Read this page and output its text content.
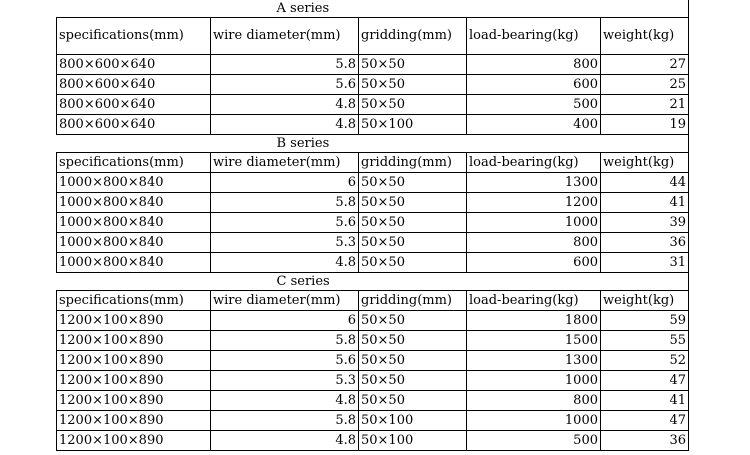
A series				
specifications(mm)	wire diameter(mm)	gridding(mm)	load-bearing(kg)	weight(kg)
800×600×640	5.8	50×50	800	27
800×600×640	5.6	50×50	600	25
800×600×640	4.8	50×50	500	21
800×600×640	4.8	50×100	400	19
B series				
specifications(mm)	wire diameter(mm)	gridding(mm)	load-bearing(kg)	weight(kg)
1000×800×840	6	50×50	1300	44
1000×800×840	5.8	50×50	1200	41
1000×800×840	5.6	50×50	1000	39
1000×800×840	5.3	50×50	800	36
1000×800×840	4.8	50×50	600	31
C series				
specifications(mm)	wire diameter(mm)	gridding(mm)	load-bearing(kg)	weight(kg)
1200×100×890	6	50×50	1800	59
1200×100×890	5.8	50×50	1500	55
1200×100×890	5.6	50×50	1300	52
1200×100×890	5.3	50×50	1000	47
1200×100×890	4.8	50×50	800	41
1200×100×890	5.8	50×100	1000	47
1200×100×890	4.8	50×100	500	36
